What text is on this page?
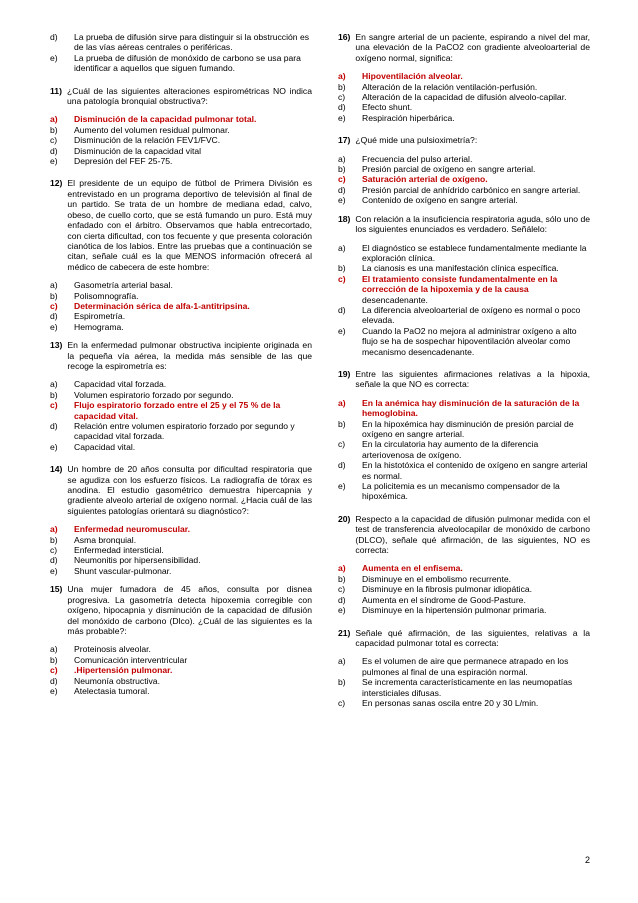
d)	La prueba de difusión sirve para distinguir si la obstrucción es de las vías aéreas centrales o periféricas.
e)	La prueba de difusión de monóxido de carbono se usa para identificar a aquellos que siguen fumando.
11) ¿Cuál de las siguientes alteraciones espirométricas NO indica una patología bronquial obstructiva?:
a)	Disminución de la capacidad pulmonar total.
b)	Aumento del volumen residual pulmonar.
c)	Disminución de la relación FEV1/FVC.
d)	Disminución de la capacidad vital
e)	Depresión del FEF 25-75.
12) El presidente de un equipo de fútbol de Primera División es entrevistado en un programa deportivo de televisión al final de un partido. Se trata de un hombre de mediana edad, calvo, obeso, de cuello corto, que se está fumando un puro. Está muy enfadado con el árbitro. Observamos que habla entrecortado, con cierta dificultad, con tos fecuente y que presenta coloración cianótica de los labios. Entre las pruebas que a continuación se citan, señale cuál es la que MENOS información ofrecerá al médico de cabecera de este hombre:
a)	Gasometría arterial basal.
b)	Polisomnografía.
c)	Determinación sérica de alfa-1-antitripsina.
d)	Espirometría.
e)	Hemograma.
13) En la enfermedad pulmonar obstructiva incipiente originada en la pequeña vía aérea, la medida más sensible de las que recoge la espirometría es:
a)	Capacidad vital forzada.
b)	Volumen espiratorio forzado por segundo.
c)	Flujo espiratorio forzado entre el 25 y el 75 % de la capacidad vital.
d)	Relación entre volumen espiratorio forzado por segundo y capacidad vital forzada.
e)	Capacidad vital.
14) Un hombre de 20 años consulta por dificultad respiratoria que se agudiza con los esfuerzo físicos. La radiografía de tórax es anodina. El estudio gasométrico demuestra hipercapnia y gradiente alveolo arterial de oxígeno normal. ¿Hacia cuál de las siguientes patologías orientará su diagnóstico?:
a)	Enfermedad neuromuscular.
b)	Asma bronquial.
c)	Enfermedad intersticial.
d)	Neumonitis por hipersensibilidad.
e)	Shunt vascular-pulmonar.
15) Una mujer fumadora de 45 años, consulta por disnea progresiva. La gasometría detecta hipoxemia corregible con oxígeno, hipocapnia y disminución de la capacidad de difusión del monóxido de carbono (Dlco). ¿Cuál de las siguientes es la más probable?:
a)	Proteinosis alveolar.
b)	Comunicación interventricular
c)	.Hipertensión pulmonar.
d)	Neumonía obstructiva.
e)	Atelectasia tumoral.
16) En sangre arterial de un paciente, espirando a nivel del mar, una elevación de la PaCO2 con gradiente alveoloarterial de oxígeno normal, significa:
a)	Hipoventilación alveolar.
b)	Alteración de la relación ventilación-perfusión.
c)	Alteración de la capacidad de difusión alveolo-capilar.
d)	Efecto shunt.
e)	Respiración hiperbárica.
17) ¿Qué mide una pulsioximetría?:
a)	Frecuencia del pulso arterial.
b)	Presión parcial de oxígeno en sangre arterial.
c)	Saturación arterial de oxígeno.
d)	Presión parcial de anhídrido carbónico en sangre arterial.
e)	Contenido de oxígeno en sangre arterial.
18) Con relación a la insuficiencia respiratoria aguda, sólo uno de los siguientes enunciados es verdadero. Señálelo:
a)	El diagnóstico se establece fundamentalmente mediante la exploración clínica.
b)	La cianosis es una manifestación clínica específica.
c)	El tratamiento consiste fundamentalmente en la corrección de la hipoxemia y de la causa
desencadenante.
d)	La diferencia alveoloarterial de oxígeno es normal o poco elevada.
e)	Cuando la PaO2 no mejora al administrar oxígeno a alto flujo se ha de sospechar hipoventilación alveolar como mecanismo desencadenante.
19) Entre las siguientes afirmaciones relativas a la hipoxia, señale la que NO es correcta:
a)	En la anémica hay disminución de la saturación de la hemoglobina.
b)	En la hipoxémica hay disminución de presión parcial de oxígeno en sangre arterial.
c)	En la circulatoria hay aumento de la diferencia arteriovenosa de oxígeno.
d)	En la histotóxica el contenido de oxígeno en sangre arterial es normal.
e)	La policitemia es un mecanismo compensador de la hipoxémica.
20) Respecto a la capacidad de difusión pulmonar medida con el test de transferencia alveolocapilar de monóxido de carbono (DLCO), señale qué afirmación, de las siguientes, NO es correcta:
a)	Aumenta en el enfisema.
b)	Disminuye en el embolismo recurrente.
c)	Disminuye en la fibrosis pulmonar idiopática.
d)	Aumenta en el síndrome de Good-Pasture.
e)	Disminuye en la hipertensión pulmonar primaria.
21) Señale qué afirmación, de las siguientes, relativas a la capacidad pulmonar total es correcta:
a)	Es el volumen de aire que permanece atrapado en los pulmones al final de una espiración normal.
b)	Se incrementa característicamente en las neumopatías intersticiales difusas.
c)	En personas sanas oscila entre 20 y 30 L/min.
2
